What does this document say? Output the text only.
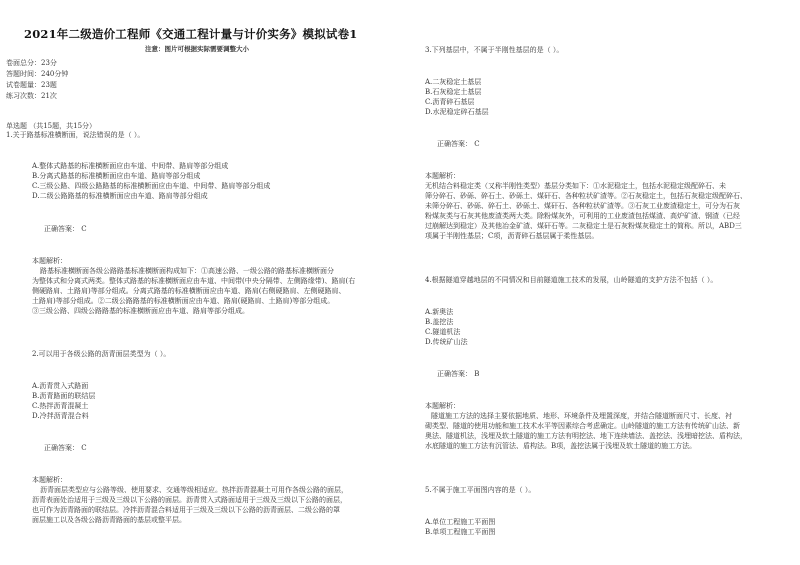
2021年二级造价工程师《交通工程计量与计价实务》模拟试卷1
注意：图片可根据实际需要调整大小
卷面总分：23分
答题时间：240分钟
试卷题量：23题
练习次数：21次
单选题 （共15题，共15分）
1.关于路基标准横断面，说法错误的是（ ）。
A.整体式路基的标准横断面应由车道、中间带、路肩等部分组成
B.分离式路基的标准横断面应由车道、路肩等部分组成
C.三级公路、四级公路路基的标准横断面应由车道、中间带、路肩等部分组成
D.二级公路路基的标准横断面应由车道、路肩等部分组成
正确答案： C
本题解析：
路基标准横断面各级公路路基标准横断面构成如下：①高速公路、一级公路的路基标准横断面分
为整体式和分离式两类。整体式路基的标准横断面应由车道、中间带(中央分隔带、左侧路缘带)、路肩(右
侧硬路肩、土路肩)等部分组成。分离式路基的标准横断面应由车道、路肩(右侧硬路肩、左侧硬路肩、
土路肩)等部分组成。②二级公路路基的标准横断面应由车道、路肩(硬路肩、土路肩)等部分组成。
③三级公路、四级公路路基的标准横断面应由车道、路肩等部分组成。
2.可以用于各级公路的沥青面层类型为（ ）。
A.沥青贯入式路面
B.沥青路面的联结层
C.热拌沥青混凝土
D.冷拌沥青混合料
正确答案： C
本题解析：
沥青面层类型应与公路等级、使用要求、交通等级相适应。热拌沥青混凝土可用作各级公路的面层，
沥青表面处治适用于三级及三级以下公路的面层。沥青贯入式路面适用于三级及三级以下公路的面层，
也可作为沥青路面的联结层。冷拌沥青混合料适用于三级及三级以下公路的沥青面层、二级公路的罩
面层施工以及各级公路沥青路面的基层或整平层。
3.下列基层中，不属于半刚性基层的是（ ）。
A.二灰稳定土基层
B.石灰稳定土基层
C.沥青碎石基层
D.水泥稳定碎石基层
正确答案： C
本题解析：
无机结合料稳定类（又称半刚性类型）基层分类如下：①水泥稳定土，包括水泥稳定级配碎石、未
筛分碎石、砂砾、碎石土、砂砾土、煤矸石、各种粒状矿渣等。②石灰稳定土，包括石灰稳定级配碎石、
未筛分碎石、砂砾、碎石土、砂砾土、煤矸石、各种粒状矿渣等。③石灰工业废渣稳定土，可分为石灰
粉煤灰类与石灰其他废渣类两大类。除粉煤灰外，可利用的工业废渣包括煤渣、高炉矿渣、钢渣（已经
过崩解达到稳定）及其他冶金矿渣、煤矸石等。二灰稳定土是石灰粉煤灰稳定土的简称。所以，ABD三
项属于半刚性基层；C项，沥青碎石基层属于柔性基层。
4.根据隧道穿越地层的不同情况和目前隧道施工技术的发展，山岭隧道的支护方法不包括（ ）。
A.新奥法
B.盖挖法
C.隧道机法
D.传统矿山法
正确答案： B
本题解析：
隧道施工方法的选择主要依据地质、地形、环境条件及埋置深度，并结合隧道断面尺寸、长度、衬
砌类型、隧道的使用功能和施工技术水平等因素综合考虑确定。山岭隧道的施工方法有传统矿山法、新
奥法、隧道机法，浅埋及软土隧道的施工方法有明挖法、地下连续墙法、盖挖法、浅埋暗挖法、盾构法，
水底隧道的施工方法有沉管法、盾构法。B项，盖挖法属于浅埋及软土隧道的施工方法。
5.不属于施工平面图内容的是（ ）。
A.单位工程施工平面图
B.单项工程施工平面图
